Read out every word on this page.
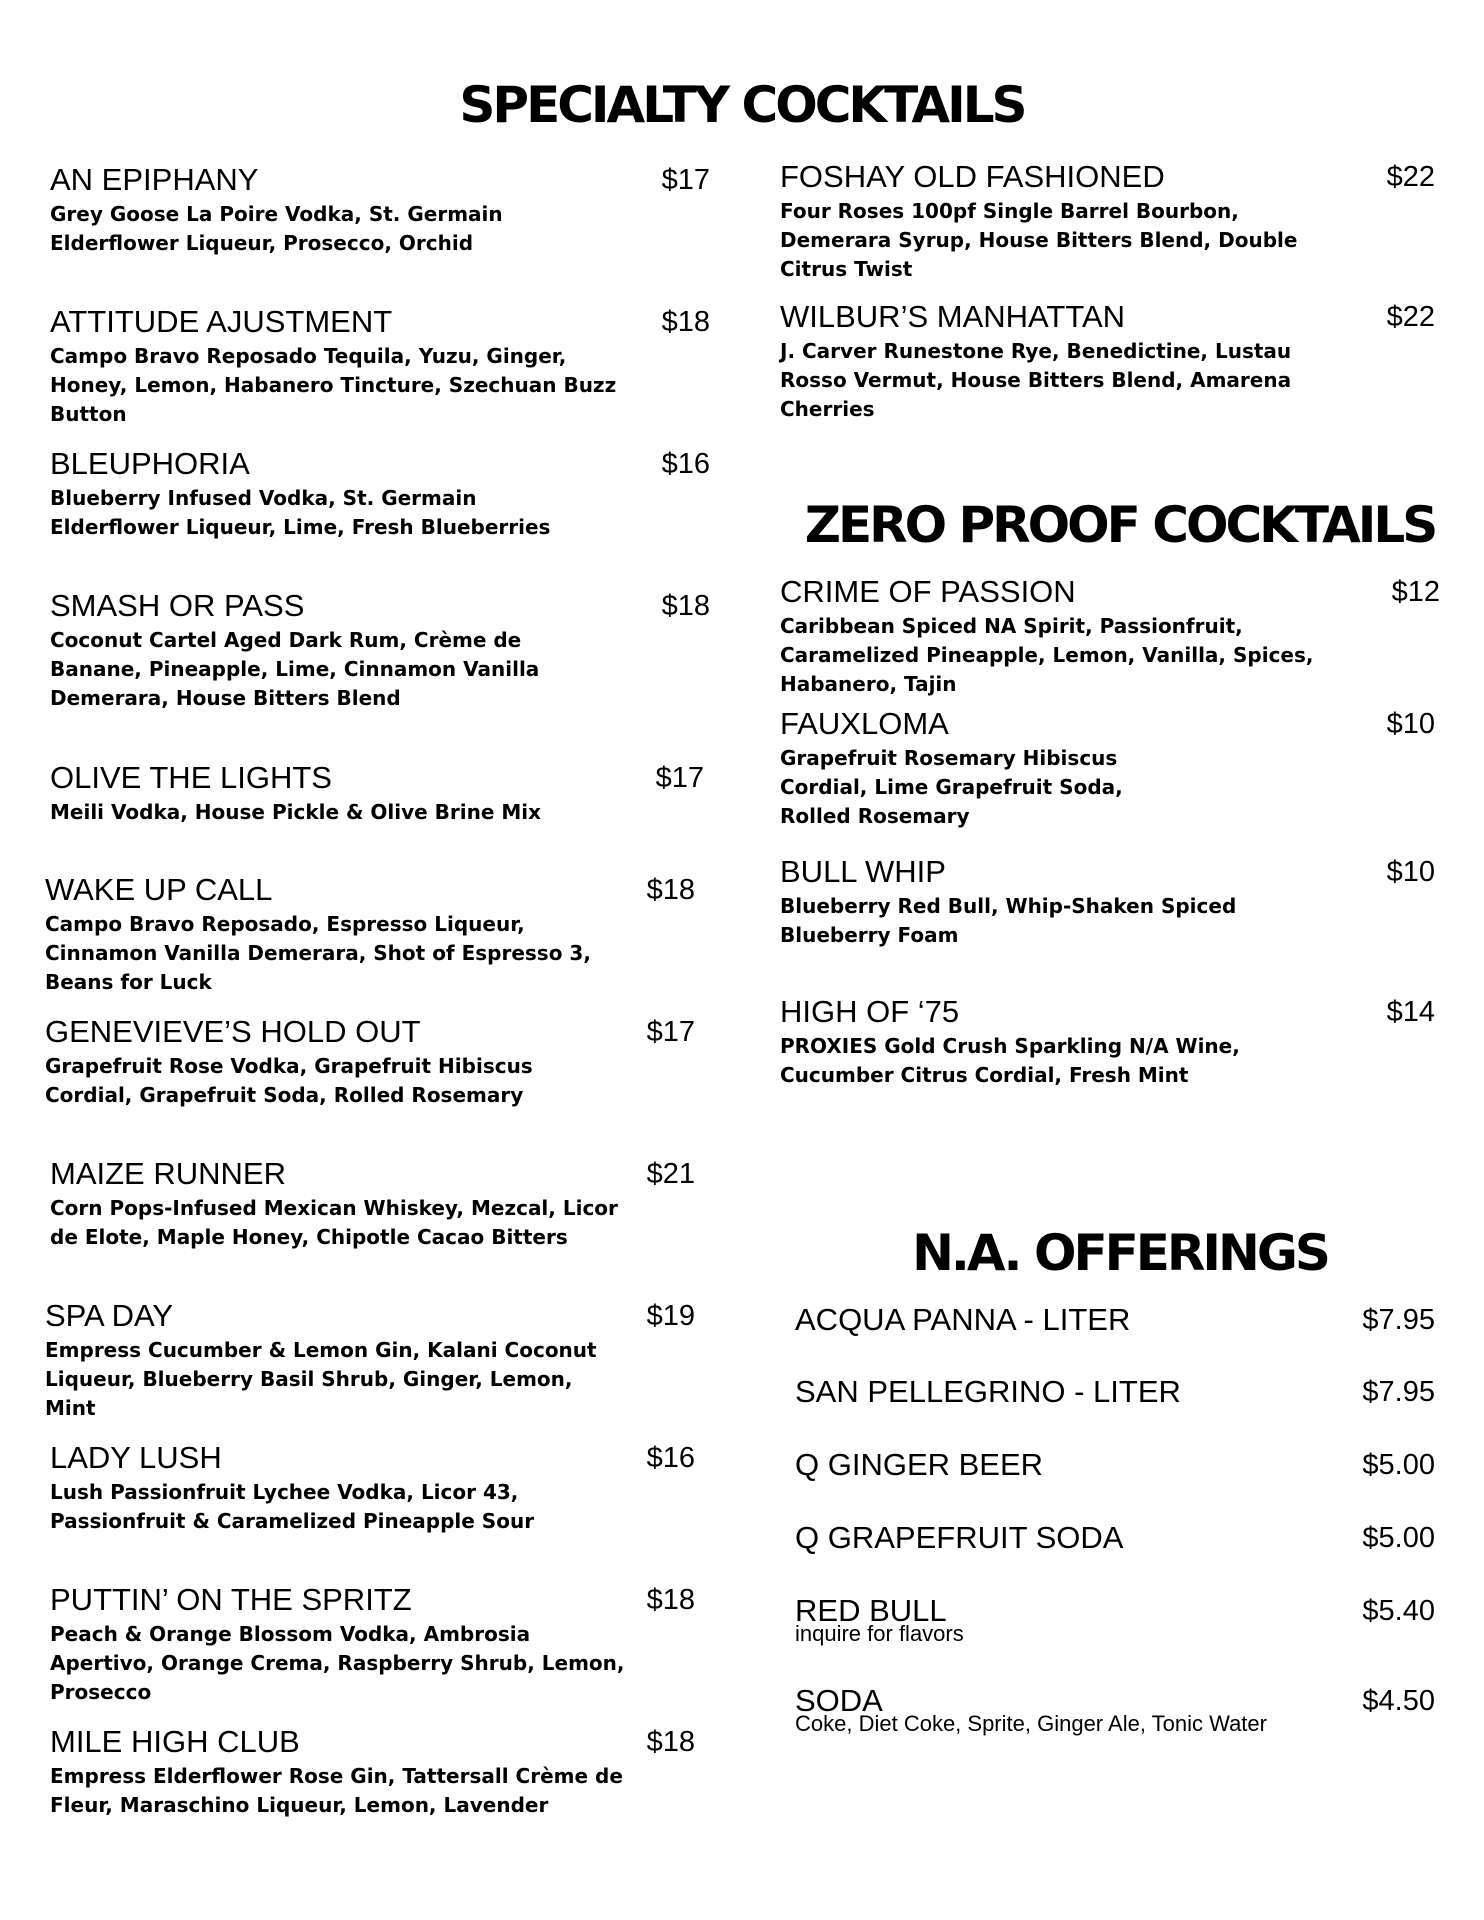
SPECIALTY COCKTAILS
AN EPIPHANY	$17
Grey Goose La Poire Vodka, St. Germain Elderflower Liqueur, Prosecco, Orchid
ATTITUDE AJUSTMENT	$18
Campo Bravo Reposado Tequila, Yuzu, Ginger, Honey, Lemon, Habanero Tincture, Szechuan Buzz Button
BLEUPHORIA	$16
Blueberry Infused Vodka, St. Germain Elderflower Liqueur, Lime, Fresh Blueberries
SMASH OR PASS	$18
Coconut Cartel Aged Dark Rum, Crème de Banane, Pineapple, Lime, Cinnamon Vanilla Demerara, House Bitters Blend
OLIVE THE LIGHTS	$17
Meili Vodka, House Pickle & Olive Brine Mix
WAKE UP CALL	$18
Campo Bravo Reposado, Espresso Liqueur, Cinnamon Vanilla Demerara, Shot of Espresso 3, Beans for Luck
GENEVIEVE’S HOLD OUT	$17
Grapefruit Rose Vodka, Grapefruit Hibiscus Cordial, Grapefruit Soda, Rolled Rosemary
MAIZE RUNNER	$21
Corn Pops-Infused Mexican Whiskey, Mezcal, Licor de Elote, Maple Honey, Chipotle Cacao Bitters
SPA DAY	$19
Empress Cucumber & Lemon Gin, Kalani Coconut Liqueur, Blueberry Basil Shrub, Ginger, Lemon, Mint
LADY LUSH	$16
Lush Passionfruit Lychee Vodka, Licor 43, Passionfruit & Caramelized Pineapple Sour
PUTTIN’ ON THE SPRITZ	$18
Peach & Orange Blossom Vodka, Ambrosia Apertivo, Orange Crema, Raspberry Shrub, Lemon, Prosecco
MILE HIGH CLUB	$18
Empress Elderflower Rose Gin, Tattersall Crème de Fleur, Maraschino Liqueur, Lemon, Lavender
FOSHAY OLD FASHIONED	$22
Four Roses 100pf Single Barrel Bourbon, Demerara Syrup, House Bitters Blend, Double Citrus Twist
WILBUR’S MANHATTAN	$22
J. Carver Runestone Rye, Benedictine, Lustau Rosso Vermut, House Bitters Blend, Amarena Cherries
ZERO PROOF COCKTAILS
CRIME OF PASSION	$12
Caribbean Spiced NA Spirit, Passionfruit, Caramelized Pineapple, Lemon, Vanilla, Spices, Habanero, Tajin
FAUXLOMA	$10
Grapefruit Rosemary Hibiscus Cordial, Lime Grapefruit Soda, Rolled Rosemary
BULL WHIP	$10
Blueberry Red Bull, Whip-Shaken Spiced Blueberry Foam
HIGH OF ‘75	$14
PROXIES Gold Crush Sparkling N/A Wine, Cucumber Citrus Cordial, Fresh Mint
N.A. OFFERINGS
ACQUA PANNA - LITER	$7.95
SAN PELLEGRINO - LITER	$7.95
Q GINGER BEER	$5.00
Q GRAPEFRUIT SODA	$5.00
RED BULL	$5.40
inquire for flavors
SODA	$4.50
Coke, Diet Coke, Sprite, Ginger Ale, Tonic Water
